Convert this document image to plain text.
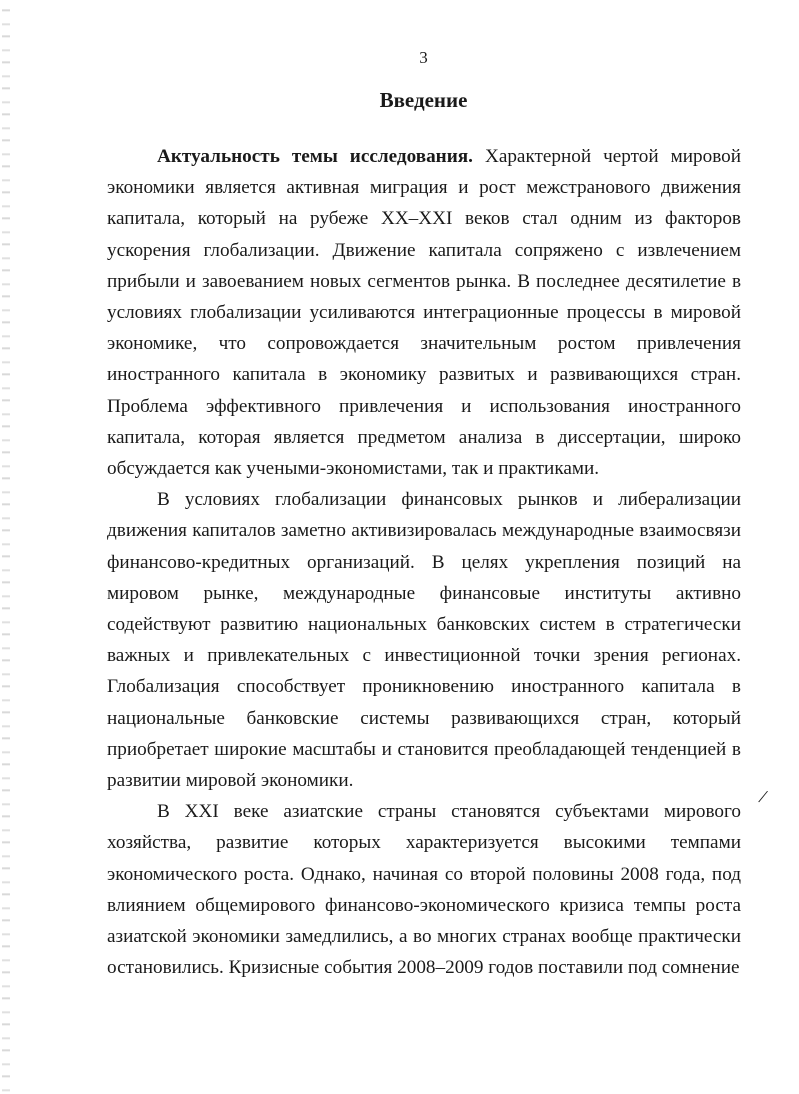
3
Введение

Актуальность темы исследования. Характерной чертой мировой экономики является активная миграция и рост межстранового движения капитала, который на рубеже XX–XXI веков стал одним из факторов ускорения глобализации. Движение капитала сопряжено с извлечением прибыли и завоеванием новых сегментов рынка. В последнее десятилетие в условиях глобализации усиливаются интеграционные процессы в мировой экономике, что сопровождается значительным ростом привлечения иностранного капитала в экономику развитых и развивающихся стран. Проблема эффективного привлечения и использования иностранного капитала, которая является предметом анализа в диссертации, широко обсуждается как учеными-экономистами, так и практиками.

В условиях глобализации финансовых рынков и либерализации движения капиталов заметно активизировалась международные взаимосвязи финансово-кредитных организаций. В целях укрепления позиций на мировом рынке, международные финансовые институты активно содействуют развитию национальных банковских систем в стратегически важных и привлекательных с инвестиционной точки зрения регионах. Глобализация способствует проникновению иностранного капитала в национальные банковские системы развивающихся стран, который приобретает широкие масштабы и становится преобладающей тенденцией в развитии мировой экономики.

В XXI веке азиатские страны становятся субъектами мирового хозяйства, развитие которых характеризуется высокими темпами экономического роста. Однако, начиная со второй половины 2008 года, под влиянием общемирового финансово-экономического кризиса темпы роста азиатской экономики замедлились, а во многих странах вообще практически остановились. Кризисные события 2008–2009 годов поставили под сомнение

/
